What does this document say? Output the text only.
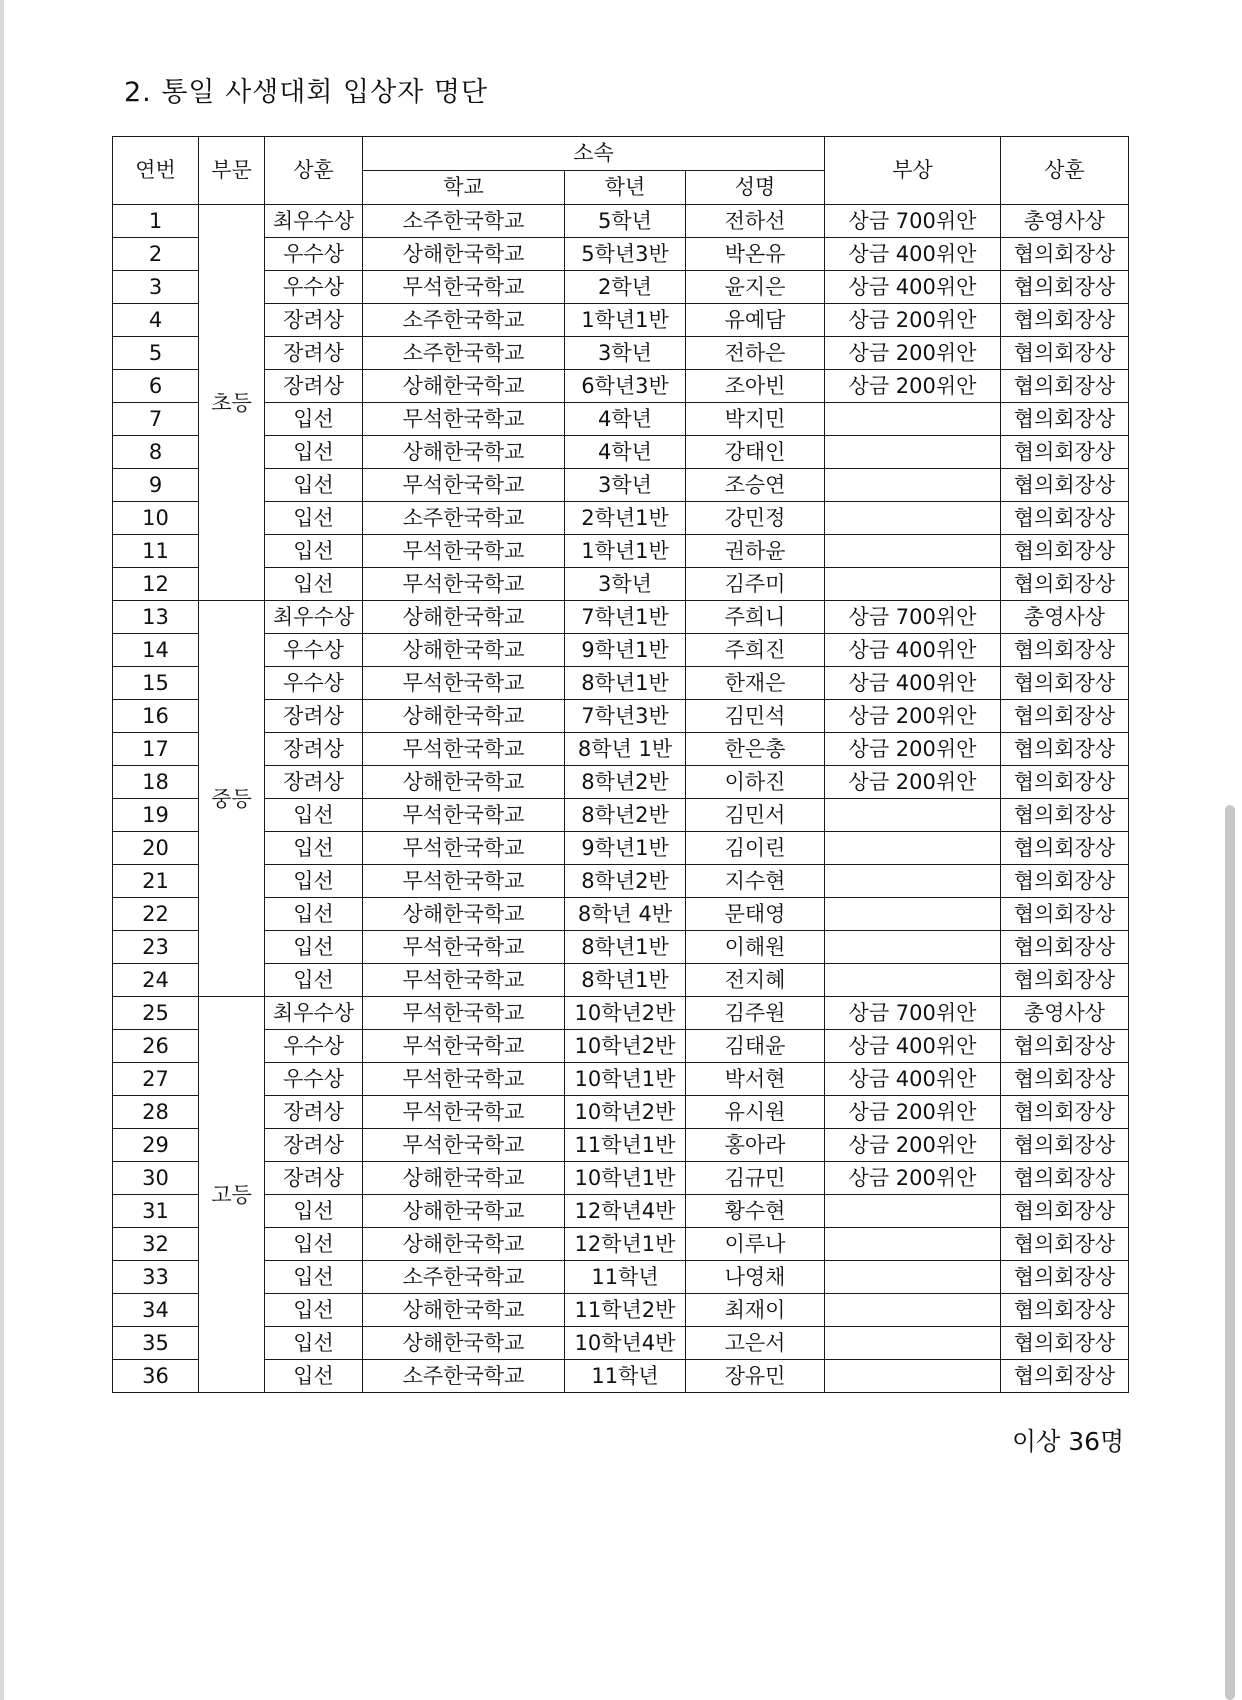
2. 통일 사생대회 입상자 명단
연번	부문	상훈	소속			부상	상훈
			학교	학년	성명		
1	초등	최우수상	소주한국학교	5학년	전하선	상금 700위안	총영사상
2		우수상	상해한국학교	5학년3반	박온유	상금 400위안	협의회장상
3		우수상	무석한국학교	2학년	윤지은	상금 400위안	협의회장상
4		장려상	소주한국학교	1학년1반	유예담	상금 200위안	협의회장상
5		장려상	소주한국학교	3학년	전하은	상금 200위안	협의회장상
6		장려상	상해한국학교	6학년3반	조아빈	상금 200위안	협의회장상
7		입선	무석한국학교	4학년	박지민		협의회장상
8		입선	상해한국학교	4학년	강태인		협의회장상
9		입선	무석한국학교	3학년	조승연		협의회장상
10		입선	소주한국학교	2학년1반	강민정		협의회장상
11		입선	무석한국학교	1학년1반	권하윤		협의회장상
12		입선	무석한국학교	3학년	김주미		협의회장상
13	중등	최우수상	상해한국학교	7학년1반	주희니	상금 700위안	총영사상
14		우수상	상해한국학교	9학년1반	주희진	상금 400위안	협의회장상
15		우수상	무석한국학교	8학년1반	한재은	상금 400위안	협의회장상
16		장려상	상해한국학교	7학년3반	김민석	상금 200위안	협의회장상
17		장려상	무석한국학교	8학년 1반	한은총	상금 200위안	협의회장상
18		장려상	상해한국학교	8학년2반	이하진	상금 200위안	협의회장상
19		입선	무석한국학교	8학년2반	김민서		협의회장상
20		입선	무석한국학교	9학년1반	김이린		협의회장상
21		입선	무석한국학교	8학년2반	지수현		협의회장상
22		입선	상해한국학교	8학년 4반	문태영		협의회장상
23		입선	무석한국학교	8학년1반	이해원		협의회장상
24		입선	무석한국학교	8학년1반	전지혜		협의회장상
25	고등	최우수상	무석한국학교	10학년2반	김주원	상금 700위안	총영사상
26		우수상	무석한국학교	10학년2반	김태윤	상금 400위안	협의회장상
27		우수상	무석한국학교	10학년1반	박서현	상금 400위안	협의회장상
28		장려상	무석한국학교	10학년2반	유시원	상금 200위안	협의회장상
29		장려상	무석한국학교	11학년1반	홍아라	상금 200위안	협의회장상
30		장려상	상해한국학교	10학년1반	김규민	상금 200위안	협의회장상
31		입선	상해한국학교	12학년4반	황수현		협의회장상
32		입선	상해한국학교	12학년1반	이루나		협의회장상
33		입선	소주한국학교	11학년	나영채		협의회장상
34		입선	상해한국학교	11학년2반	최재이		협의회장상
35		입선	상해한국학교	10학년4반	고은서		협의회장상
36		입선	소주한국학교	11학년	장유민		협의회장상
이상 36명
